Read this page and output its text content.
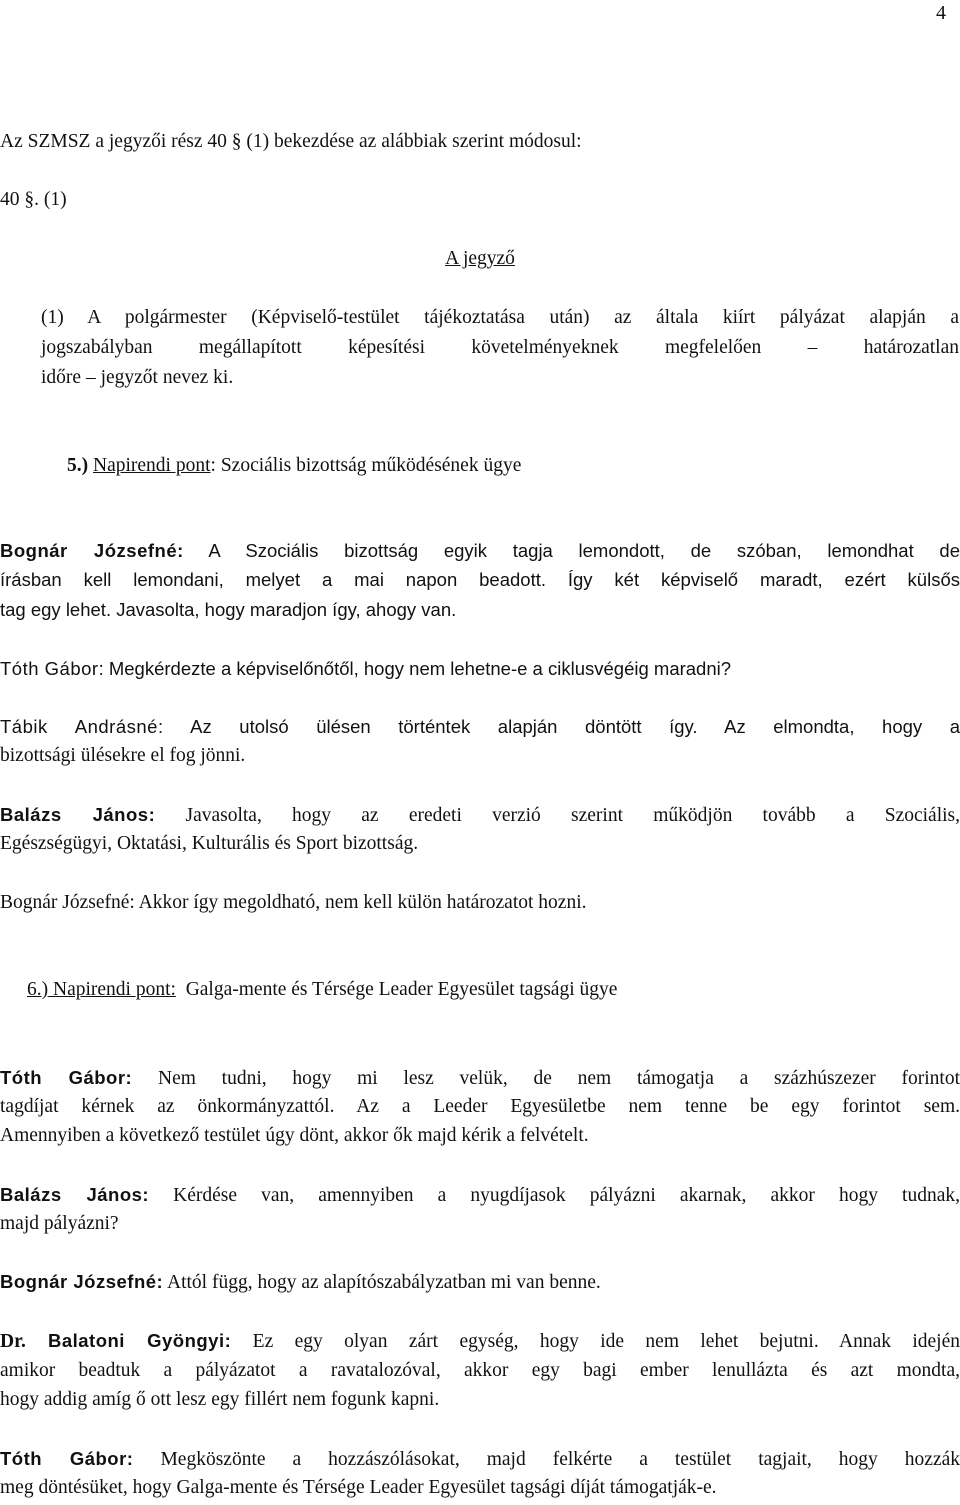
4
Az SZMSZ a jegyzői rész 40 § (1) bekezdése az alábbiak szerint módosul:
40 §. (1)
A jegyző
(1) A polgármester (Képviselő-testület tájékoztatása után) az általa kiírt pályázat alapján a
jogszabályban megállapított képesítési követelményeknek megfelelően – határozatlan
időre – jegyzőt nevez ki.
5.) Napirendi pont: Szociális bizottság működésének ügye
Bognár Józsefné: A Szociális bizottság egyik tagja lemondott, de szóban, lemondhat de
írásban kell lemondani, melyet a mai napon beadott. Így két képviselő maradt, ezért külsős
tag egy lehet. Javasolta, hogy maradjon így, ahogy van.
Tóth Gábor: Megkérdezte a képviselőnőtől, hogy nem lehetne-e a ciklusvégéig maradni?
Tábik Andrásné: Az utolsó ülésen történtek alapján döntött így. Az elmondta, hogy a
bizottsági ülésekre el fog jönni.
Balázs János: Javasolta, hogy az eredeti verzió szerint működjön tovább a Szociális,
Egészségügyi, Oktatási, Kulturális és Sport bizottság.
Bognár Józsefné: Akkor így megoldható, nem kell külön határozatot hozni.
6.) Napirendi pont: Galga-mente és Térsége Leader Egyesület tagsági ügye
Tóth Gábor: Nem tudni, hogy mi lesz velük, de nem támogatja a százhúszezer forintot
tagdíjat kérnek az önkormányzattól. Az a Leeder Egyesületbe nem tenne be egy forintot sem.
Amennyiben a következő testület úgy dönt, akkor ők majd kérik a felvételt.
Balázs János: Kérdése van, amennyiben a nyugdíjasok pályázni akarnak, akkor hogy tudnak,
majd pályázni?
Bognár Józsefné: Attól függ, hogy az alapítószabályzatban mi van benne.
Dr. Balatoni Gyöngyi: Ez egy olyan zárt egység, hogy ide nem lehet bejutni. Annak idején
amikor beadtuk a pályázatot a ravatalozóval, akkor egy bagi ember lenullázta és azt mondta,
hogy addig amíg ő ott lesz egy fillért nem fogunk kapni.
Tóth Gábor: Megköszönte a hozzászólásokat, majd felkérte a testület tagjait, hogy hozzák
meg döntésüket, hogy Galga-mente és Térsége Leader Egyesület tagsági díját támogatják-e.
